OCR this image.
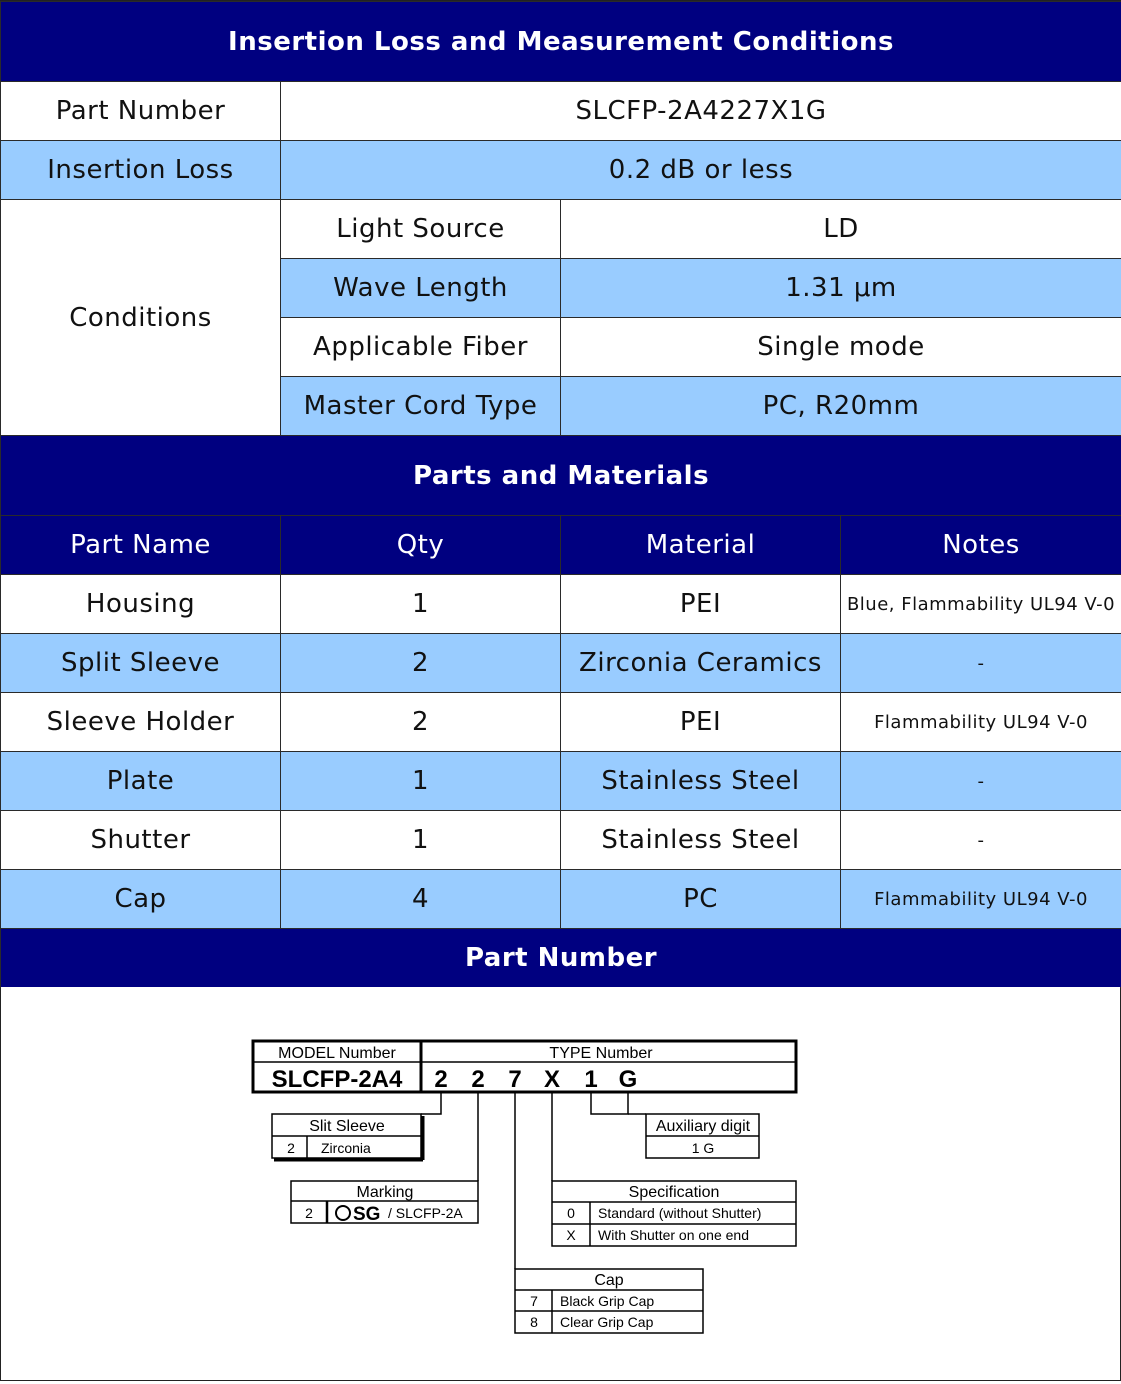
Insertion Loss and Measurement Conditions		
Part Number	SLCFP-2A4227X1G	
Insertion Loss	0.2 dB or less	
Conditions	Light Source	LD
	Wave Length	1.31 μm
	Applicable Fiber	Single mode
	Master Cord Type	PC, R20mm
Parts and Materials			
Part Name	Qty	Material	Notes
Housing	1	PEI	Blue, Flammability UL94 V-0
Split Sleeve	2	Zirconia Ceramics	-
Sleeve Holder	2	PEI	Flammability UL94 V-0
Plate	1	Stainless Steel	-
Shutter	1	Stainless Steel	-
Cap	4	PC	Flammability UL94 V-0
Part Number			
MODEL Number	TYPE Number
SLCFP-2A4 2 2 7 X 1 G
Slit Sleeve
2 Zirconia
Marking
2 SG / SLCFP-2A
Auxiliary digit
1 G
Specification
0 Standard (without Shutter)
X With Shutter on one end
Cap
7 Black Grip Cap
8 Clear Grip Cap
